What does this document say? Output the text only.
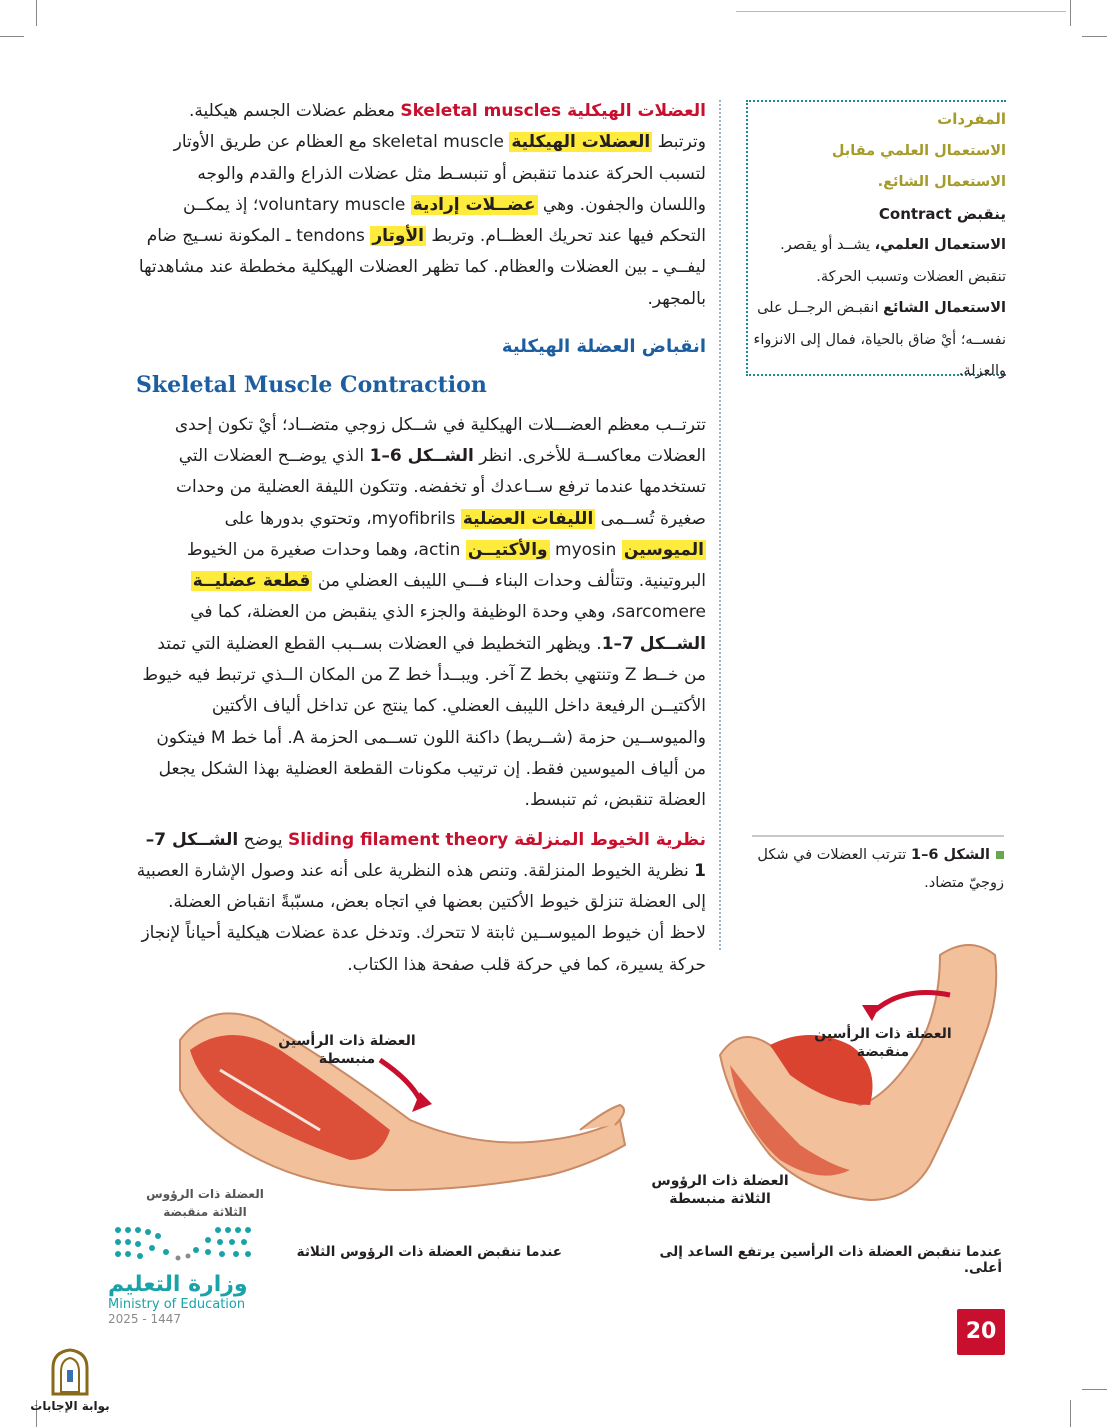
العضلات الهيكلية Skeletal muscles معظم عضلات الجسم هيكلية. وترتبط العضلات الهيكلية skeletal muscle مع العظام عن طريق الأوتار لتسبب الحركة عندما تنقبض أو تنبسـط مثل عضلات الذراع والقدم والوجه واللسان والجفون. وهي عضــلات إرادية voluntary muscle؛ إذ يمكــن التحكم فيها عند تحريك العظــام. وتربط الأوتار tendons ـ المكونة نسـيج ضام ليفــي ـ بين العضلات والعظام. كما تظهر العضلات الهيكلية مخططة عند مشاهدتها بالمجهر.

انقباض العضلة الهيكلية
Skeletal Muscle Contraction

تترتــب معظم العضـــلات الهيكلية في شــكل زوجي متضــاد؛ أيْ تكون إحدى العضلات معاكســة للأخرى. انظر الشــكل 6–1 الذي يوضــح العضلات التي تستخدمها عندما ترفع ســاعدك أو تخفضه. وتتكون الليفة العضلية من وحدات صغيرة تُســمى الليفات العضلية myofibrils، وتحتوي بدورها على الميوسين myosin والأكتيــن actin، وهما وحدات صغيرة من الخيوط البروتينية. وتتألف وحدات البناء فـــي الليبف العضلي من قطعة عضليــة sarcomere، وهي وحدة الوظيفة والجزء الذي ينقبض من العضلة، كما في الشــكل 7–1. ويظهر التخطيط في العضلات بســبب القطع العضلية التي تمتد من خــط Z وتنتهي بخط Z آخر. ويبــدأ خط Z من المكان الــذي ترتبط فيه خيوط الأكتيــن الرفيعة داخل الليبف العضلي. كما ينتج عن تداخل ألياف الأكتين والميوســين حزمة (شــريط) داكنة اللون تســمى الحزمة A. أما خط M فيتكون من ألياف الميوسين فقط. إن ترتيب مكونات القطعة العضلية بهذا الشكل يجعل العضلة تنقبض، ثم تنبسط.

نظرية الخيوط المنزلقة Sliding filament theory يوضح الشــكل 7–1 نظرية الخيوط المنزلقة. وتنص هذه النظرية على أنه عند وصول الإشارة العصبية إلى العضلة تنزلق خيوط الأكتين بعضها في اتجاه بعض، مسبّبةً انقباض العضلة. لاحظ أن خيوط الميوســين ثابتة لا تتحرك. وتدخل عدة عضلات هيكلية أحياناً لإنجاز حركة يسيرة، كما في حركة قلب صفحة هذا الكتاب.

المفردات
الاستعمال العلمي مقابل
الاستعمال الشائع.
ينقبض Contract
الاستعمال العلمي، يشــد أو يقصر. تنقبض العضلات وتسبب الحركة.
الاستعمال الشائع انقبـض الرجــل على نفســه؛ أيْ ضاق بالحياة، فمال إلى الانزواء والعزلة.
الشكل 6–1 تترتب العضلات في شكل زوجيّ متضاد.
العضلة ذات الرأسين منبسطة
العضلة ذات الرؤوس الثلاثة منقبضة
عندما تنقبض العضلة ذات الرؤوس الثلاثة
العضلة ذات الرأسين منقبضة
العضلة ذات الرؤوس الثلاثة منبسطة
عندما تنقبض العضلة ذات الرأسين يرتفع الساعد إلى أعلى.
20
وزارة التعليم
Ministry of Education
2025 - 1447
بوابة الإجابات
